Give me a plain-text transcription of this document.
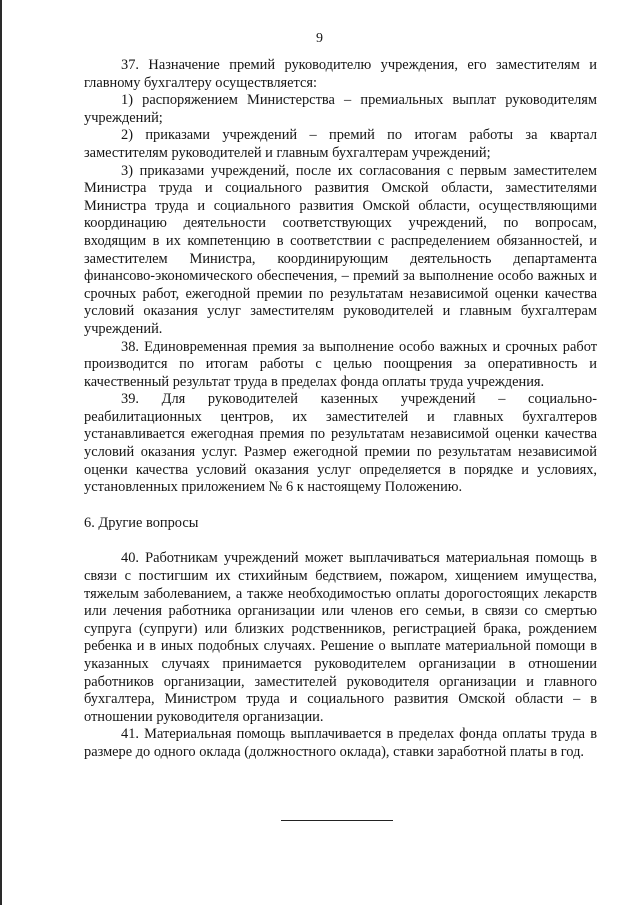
9

37. Назначение премий руководителю учреждения, его заместителям и главному бухгалтеру осуществляется:

1) распоряжением Министерства – премиальных выплат руководителям учреждений;

2) приказами учреждений – премий по итогам работы за квартал заместителям руководителей и главным бухгалтерам учреждений;

3) приказами учреждений, после их согласования с первым заместителем Министра труда и социального развития Омской области, заместителями Министра труда и социального развития Омской области, осуществляющими координацию деятельности соответствующих учреждений, по вопросам, входящим в их компетенцию в соответствии с распределением обязанностей, и заместителем Министра, координирующим деятельность департамента финансово-экономического обеспечения, – премий за выполнение особо важных и срочных работ, ежегодной премии по результатам независимой оценки качества условий оказания услуг заместителям руководителей и главным бухгалтерам учреждений.

38. Единовременная премия за выполнение особо важных и срочных работ производится по итогам работы с целью поощрения за оперативность и качественный результат труда в пределах фонда оплаты труда учреждения.

39. Для руководителей казенных учреждений – социально-реабилитационных центров, их заместителей и главных бухгалтеров устанавливается ежегодная премия по результатам независимой оценки качества условий оказания услуг. Размер ежегодной премии по результатам независимой оценки качества условий оказания услуг определяется в порядке и условиях, установленных приложением № 6 к настоящему Положению.

6. Другие вопросы

40. Работникам учреждений может выплачиваться материальная помощь в связи с постигшим их стихийным бедствием, пожаром, хищением имущества, тяжелым заболеванием, а также необходимостью оплаты дорогостоящих лекарств или лечения работника организации или членов его семьи, в связи со смертью супруга (супруги) или близких родственников, регистрацией брака, рождением ребенка и в иных подобных случаях. Решение о выплате материальной помощи в указанных случаях принимается руководителем организации в отношении работников организации, заместителей руководителя организации и главного бухгалтера, Министром труда и социального развития Омской области – в отношении руководителя организации.

41. Материальная помощь выплачивается в пределах фонда оплаты труда в размере до одного оклада (должностного оклада), ставки заработной платы в год.
